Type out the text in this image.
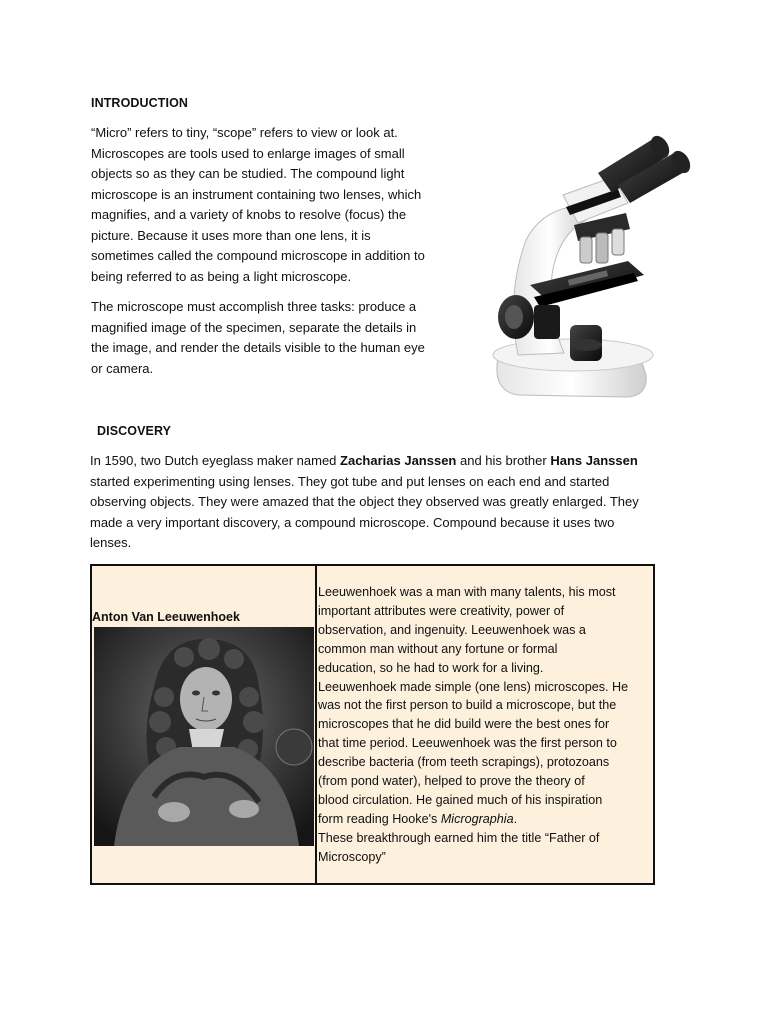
INTRODUCTION
“Micro” refers to tiny, “scope” refers to view or look at.
Microscopes are tools used to enlarge images of small
objects so as they can be studied. The compound light
microscope is an instrument containing two lenses, which
magnifies, and a variety of knobs to resolve (focus) the
picture. Because it uses more than one lens, it is
sometimes called the compound microscope in addition to
being referred to as being a light microscope.
The microscope must accomplish three tasks: produce a
magnified image of the specimen, separate the details in
the image, and render the details visible to the human eye
or camera.
DISCOVERY
In 1590, two Dutch eyeglass maker named Zacharias Janssen and his brother Hans Janssen
started experimenting using lenses. They got tube and put lenses on each end and started
observing objects. They were amazed that the object they observed was greatly enlarged. They
made a very important discovery, a compound microscope. Compound because it uses two
lenses.
Anton Van Leeuwenhoek
Leeuwenhoek was a man with many talents, his most
important attributes were creativity, power of
observation, and ingenuity. Leeuwenhoek was a
common man without any fortune or formal
education, so he had to work for a living.
Leeuwenhoek made simple (one lens) microscopes. He
was not the first person to build a microscope, but the
microscopes that he did build were the best ones for
that time period. Leeuwenhoek was the first person to
describe bacteria (from teeth scrapings), protozoans
(from pond water), helped to prove the theory of
blood circulation. He gained much of his inspiration
form reading Hooke's Micrographia.
These breakthrough earned him the title “Father of
Microscopy”
